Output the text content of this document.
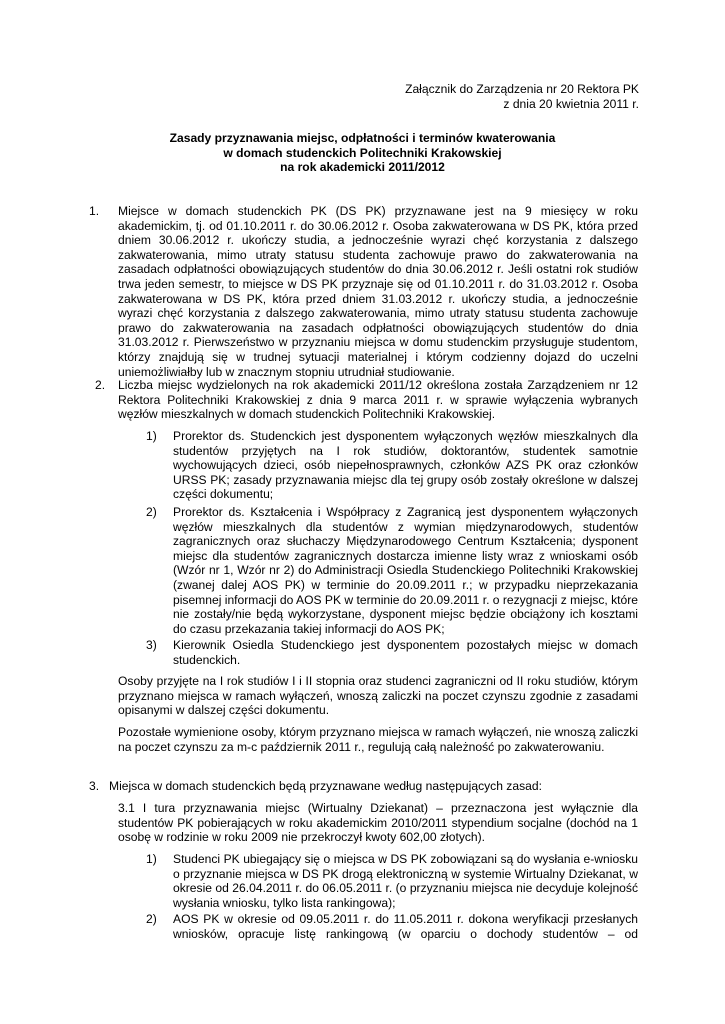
Załącznik do Zarządzenia nr 20 Rektora PK
z dnia 20 kwietnia 2011 r.
Zasady przyznawania miejsc, odpłatności i terminów kwaterowania
w domach studenckich Politechniki Krakowskiej
na rok akademicki 2011/2012
1. Miejsce w domach studenckich PK (DS PK) przyznawane jest na 9 miesięcy w roku akademickim, tj. od 01.10.2011 r. do 30.06.2012 r. Osoba zakwaterowana w DS PK, która przed dniem 30.06.2012 r. ukończy studia, a jednocześnie wyrazi chęć korzystania z dalszego zakwaterowania, mimo utraty statusu studenta zachowuje prawo do zakwaterowania na zasadach odpłatności obowiązujących studentów do dnia 30.06.2012 r. Jeśli ostatni rok studiów trwa jeden semestr, to miejsce w DS PK przyznaje się od 01.10.2011 r. do 31.03.2012 r. Osoba zakwaterowana w DS PK, która przed dniem 31.03.2012 r. ukończy studia, a jednocześnie wyrazi chęć korzystania z dalszego zakwaterowania, mimo utraty statusu studenta zachowuje prawo do zakwaterowania na zasadach odpłatności obowiązujących studentów do dnia 31.03.2012 r. Pierwszeństwo w przyznaniu miejsca w domu studenckim przysługuje studentom, którzy znajdują się w trudnej sytuacji materialnej i którym codzienny dojazd do uczelni uniemożliwiałby lub w znacznym stopniu utrudniał studiowanie.

2. Liczba miejsc wydzielonych na rok akademicki 2011/12 określona została Zarządzeniem nr 12 Rektora Politechniki Krakowskiej z dnia 9 marca 2011 r. w sprawie wyłączenia wybranych węzłów mieszkalnych w domach studenckich Politechniki Krakowskiej.

1) Prorektor ds. Studenckich jest dysponentem wyłączonych węzłów mieszkalnych dla studentów przyjętych na I rok studiów, doktorantów, studentek samotnie wychowujących dzieci, osób niepełnosprawnych, członków AZS PK oraz członków URSS PK; zasady przyznawania miejsc dla tej grupy osób zostały określone w dalszej części dokumentu;

2) Prorektor ds. Kształcenia i Współpracy z Zagranicą jest dysponentem wyłączonych węzłów mieszkalnych dla studentów z wymian międzynarodowych, studentów zagranicznych oraz słuchaczy Międzynarodowego Centrum Kształcenia; dysponent miejsc dla studentów zagranicznych dostarcza imienne listy wraz z wnioskami osób (Wzór nr 1, Wzór nr 2) do Administracji Osiedla Studenckiego Politechniki Krakowskiej (zwanej dalej AOS PK) w terminie do 20.09.2011 r.; w przypadku nieprzekazania pisemnej informacji do AOS PK w terminie do 20.09.2011 r. o rezygnacji z miejsc, które nie zostały/nie będą wykorzystane, dysponent miejsc będzie obciążony ich kosztami do czasu przekazania takiej informacji do AOS PK;

3) Kierownik Osiedla Studenckiego jest dysponentem pozostałych miejsc w domach studenckich.

Osoby przyjęte na I rok studiów I i II stopnia oraz studenci zagraniczni od II roku studiów, którym przyznano miejsca w ramach wyłączeń, wnoszą zaliczki na poczet czynszu zgodnie z zasadami opisanymi w dalszej części dokumentu.

Pozostałe wymienione osoby, którym przyznano miejsca w ramach wyłączeń, nie wnoszą zaliczki na poczet czynszu za m-c październik 2011 r., regulują całą należność po zakwaterowaniu.

3. Miejsca w domach studenckich będą przyznawane według następujących zasad:

3.1 I tura przyznawania miejsc (Wirtualny Dziekanat) – przeznaczona jest wyłącznie dla studentów PK pobierających w roku akademickim 2010/2011 stypendium socjalne (dochód na 1 osobę w rodzinie w roku 2009 nie przekroczył kwoty 602,00 złotych).

1) Studenci PK ubiegający się o miejsca w DS PK zobowiązani są do wysłania e-wniosku o przyznanie miejsca w DS PK drogą elektroniczną w systemie Wirtualny Dziekanat, w okresie od 26.04.2011 r. do 06.05.2011 r. (o przyznaniu miejsca nie decyduje kolejność wysłania wniosku, tylko lista rankingowa);

2) AOS PK w okresie od 09.05.2011 r. do 11.05.2011 r. dokona weryfikacji przesłanych wniosków, opracuje listę rankingową (w oparciu o dochody studentów – od
